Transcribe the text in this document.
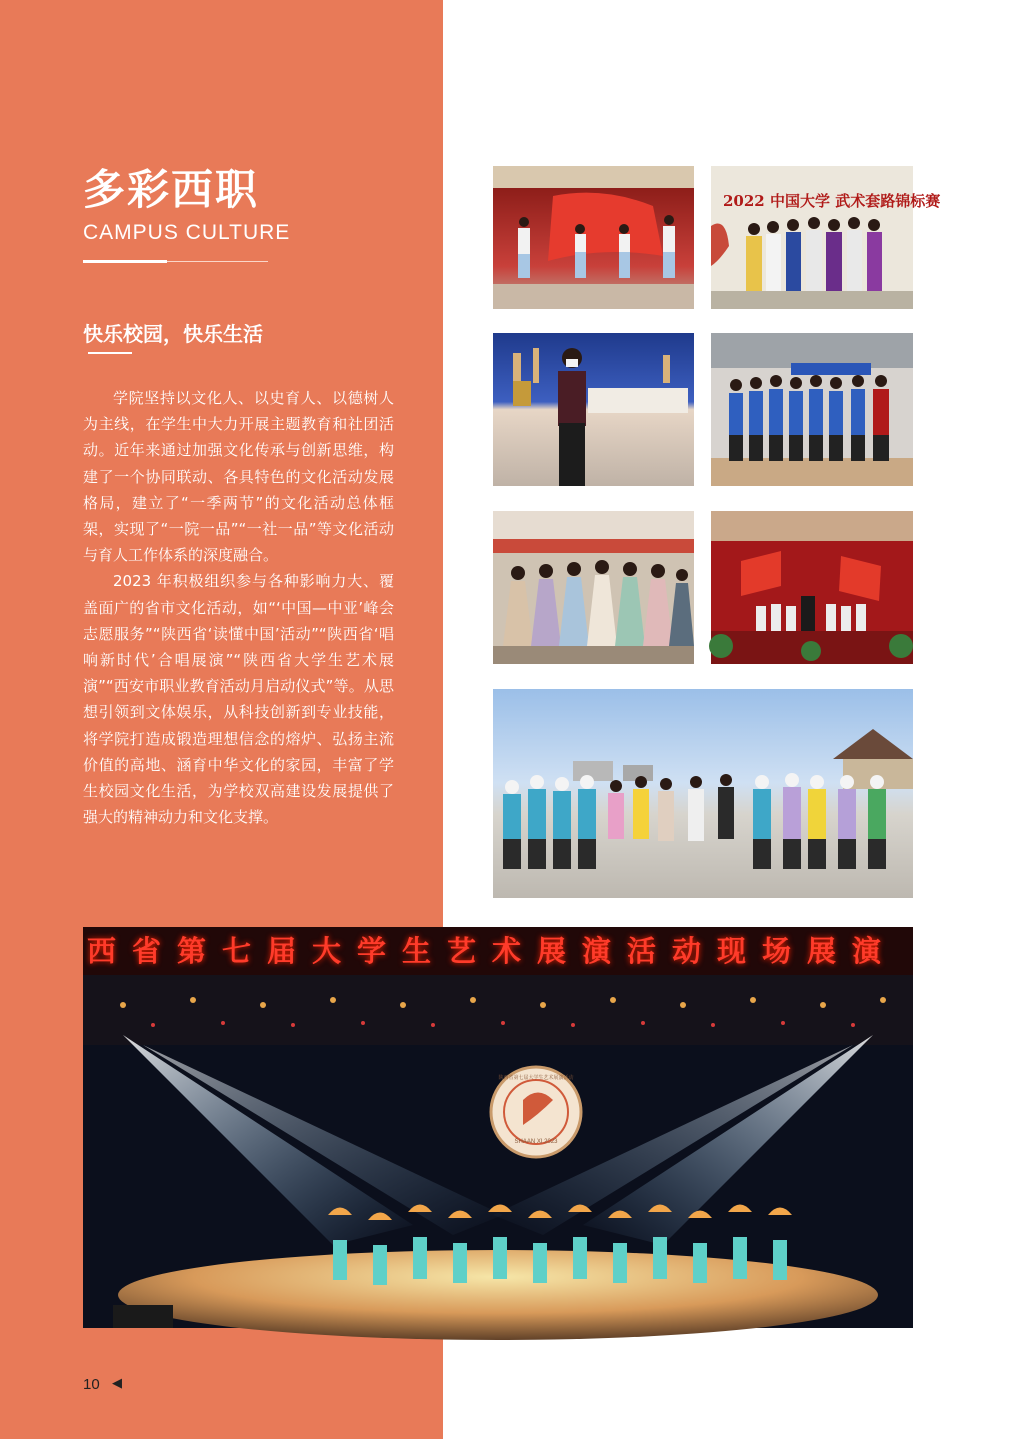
多彩西职
CAMPUS CULTURE
快乐校园，快乐生活

学院坚持以文化人、以史育人、以德树人为主线，在学生中大力开展主题教育和社团活动。近年来通过加强文化传承与创新思维，构建了一个协同联动、各具特色的文化活动发展格局，建立了“一季两节”的文化活动总体框架，实现了“一院一品”“一社一品”等文化活动与育人工作体系的深度融合。

2023 年积极组织参与各种影响力大、覆盖面广的省市文化活动，如“‘中国—中亚’峰会志愿服务”“陕西省‘读懂中国’活动”“陕西省‘唱响新时代’合唱展演”“陕西省大学生艺术展演”“西安市职业教育活动月启动仪式”等。从思想引领到文体娱乐，从科技创新到专业技能，将学院打造成锻造理想信念的熔炉、弘扬主流价值的高地、涵育中华文化的家园，丰富了学生校园文化生活，为学校双高建设发展提供了强大的精神动力和文化支撑。

2022 中国大学 武术套路锦标赛
西省第七届大学生艺术展演活动现场展演
SHAAN XI 2023
陕西省第七届大学生艺术展演活动
10 ◀
